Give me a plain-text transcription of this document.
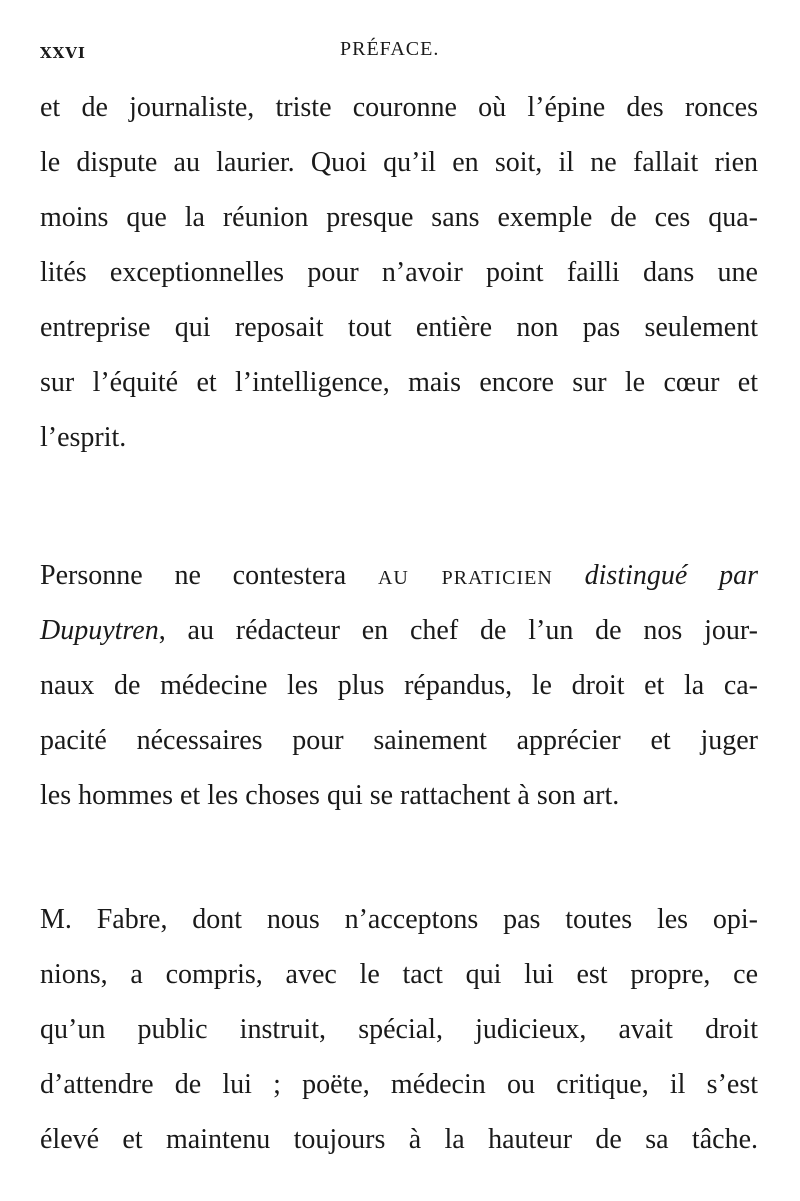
XXVI	PRÉFACE.
et de journaliste, triste couronne où l’épine des ronces
le dispute au laurier. Quoi qu’il en soit, il ne fallait rien
moins que la réunion presque sans exemple de ces qua-
lités exceptionnelles pour n’avoir point failli dans une
entreprise qui reposait tout entière non pas seulement
sur l’équité et l’intelligence, mais encore sur le cœur et
l’esprit.
Personne ne contestera au praticien distingué par
Dupuytren, au rédacteur en chef de l’un de nos jour-
naux de médecine les plus répandus, le droit et la ca-
pacité nécessaires pour sainement apprécier et juger
les hommes et les choses qui se rattachent à son art.
M. Fabre, dont nous n’acceptons pas toutes les opi-
nions, a compris, avec le tact qui lui est propre, ce
qu’un public instruit, spécial, judicieux, avait droit
d’attendre de lui ; poëte, médecin ou critique, il s’est
élevé et maintenu toujours à la hauteur de sa tâche.
